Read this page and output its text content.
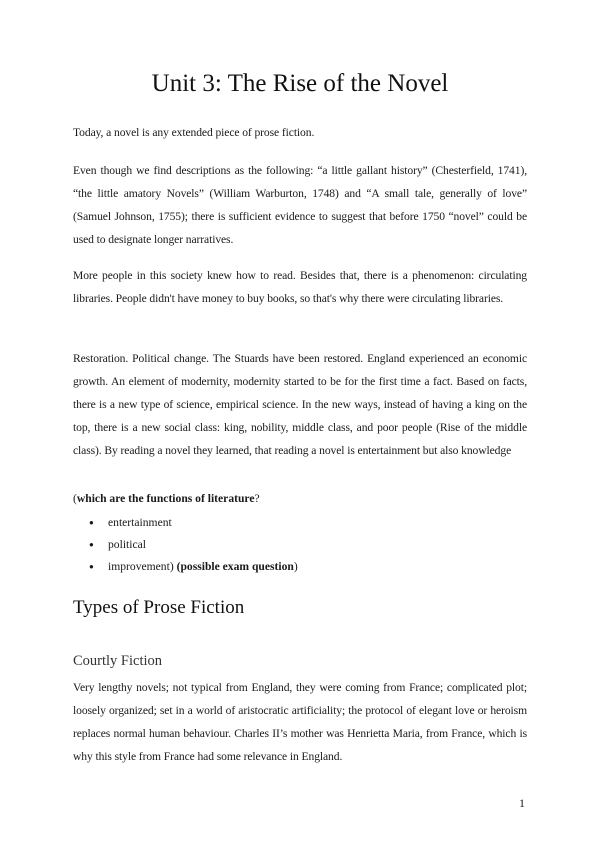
Unit 3: The Rise of the Novel

Today, a novel is any extended piece of prose fiction.

Even though we find descriptions as the following: “a little gallant history” (Chesterfield, 1741), “the little amatory Novels” (William Warburton, 1748) and “A small tale, generally of love” (Samuel Johnson, 1755); there is sufficient evidence to suggest that before 1750 “novel” could be used to designate longer narratives.

More people in this society knew how to read. Besides that, there is a phenomenon: circulating libraries. People didn't have money to buy books, so that's why there were circulating libraries.

Restoration. Political change. The Stuards have been restored. England experienced an economic growth. An element of modernity, modernity started to be for the first time a fact. Based on facts, there is a new type of science, empirical science. In the new ways, instead of having a king on the top, there is a new social class: king, nobility, middle class, and poor people (Rise of the middle class). By reading a novel they learned, that reading a novel is entertainment but also knowledge

(which are the functions of literature?

● entertainment
● political
● improvement) (possible exam question)
Types of Prose Fiction
Courtly Fiction

Very lengthy novels; not typical from England, they were coming from France; complicated plot; loosely organized; set in a world of aristocratic artificiality; the protocol of elegant love or heroism replaces normal human behaviour. Charles II’s mother was Henrietta Maria, from France, which is why this style from France had some relevance in England.

1
